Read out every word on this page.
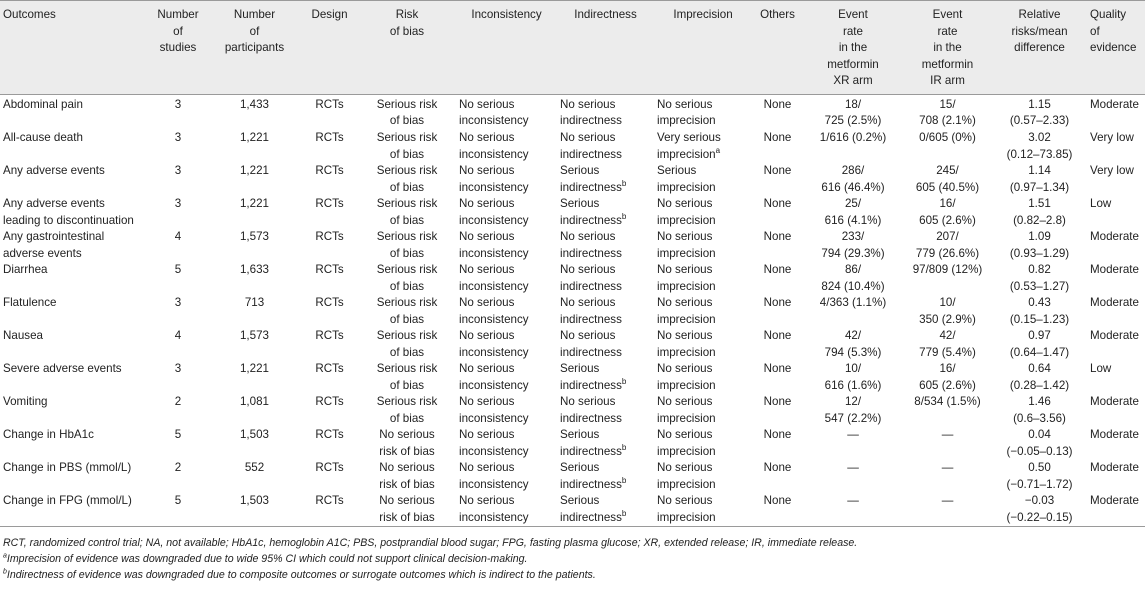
Outcomes	Number
of
studies	Number
of
participants	Design	Risk
of bias	Inconsistency	Indirectness	Imprecision	Others	Event
rate
in the
metformin
XR arm	Event
rate
in the
metformin
IR arm	Relative
risks/mean
difference	Quality
of
evidence
Abdominal pain	3	1,433	RCTs	Serious risk
of bias	No serious
inconsistency	No serious
indirectness	No serious
imprecision	None	18/
725 (2.5%)	15/
708 (2.1%)	1.15
(0.57–2.33)	Moderate
All-cause death	3	1,221	RCTs	Serious risk
of bias	No serious
inconsistency	No serious
indirectness	Very serious
imprecision$^a$	None	1/616 (0.2%)	0/605 (0%)	3.02
(0.12–73.85)	Very low
Any adverse events	3	1,221	RCTs	Serious risk
of bias	No serious
inconsistency	Serious
indirectness$^b$	Serious
imprecision	None	286/
616 (46.4%)	245/
605 (40.5%)	1.14
(0.97–1.34)	Very low
Any adverse events
leading to discontinuation	3	1,221	RCTs	Serious risk
of bias	No serious
inconsistency	Serious
indirectness$^b$	No serious
imprecision	None	25/
616 (4.1%)	16/
605 (2.6%)	1.51
(0.82–2.8)	Low
Any gastrointestinal
adverse events	4	1,573	RCTs	Serious risk
of bias	No serious
inconsistency	No serious
indirectness	No serious
imprecision	None	233/
794 (29.3%)	207/
779 (26.6%)	1.09
(0.93–1.29)	Moderate
Diarrhea	5	1,633	RCTs	Serious risk
of bias	No serious
inconsistency	No serious
indirectness	No serious
imprecision	None	86/
824 (10.4%)	97/809 (12%)	0.82
(0.53–1.27)	Moderate
Flatulence	3	713	RCTs	Serious risk
of bias	No serious
inconsistency	No serious
indirectness	No serious
imprecision	None	4/363 (1.1%)	10/
350 (2.9%)	0.43
(0.15–1.23)	Moderate
Nausea	4	1,573	RCTs	Serious risk
of bias	No serious
inconsistency	No serious
indirectness	No serious
imprecision	None	42/
794 (5.3%)	42/
779 (5.4%)	0.97
(0.64–1.47)	Moderate
Severe adverse events	3	1,221	RCTs	Serious risk
of bias	No serious
inconsistency	Serious
indirectness$^b$	No serious
imprecision	None	10/
616 (1.6%)	16/
605 (2.6%)	0.64
(0.28–1.42)	Low
Vomiting	2	1,081	RCTs	Serious risk
of bias	No serious
inconsistency	No serious
indirectness	No serious
imprecision	None	12/
547 (2.2%)	8/534 (1.5%)	1.46
(0.6–3.56)	Moderate
Change in HbA1c	5	1,503	RCTs	No serious
risk of bias	No serious
inconsistency	Serious
indirectness$^b$	No serious
imprecision	None	—	—	0.04
(−0.05–0.13)	Moderate
Change in PBS (mmol/L)	2	552	RCTs	No serious
risk of bias	No serious
inconsistency	Serious
indirectness$^b$	No serious
imprecision	None	—	—	0.50
(−0.71–1.72)	Moderate
Change in FPG (mmol/L)	5	1,503	RCTs	No serious
risk of bias	No serious
inconsistency	Serious
indirectness$^b$	No serious
imprecision	None	—	—	−0.03
(−0.22–0.15)	Moderate
RCT, randomized control trial; NA, not available; HbA1c, hemoglobin A1C; PBS, postprandial blood sugar; FPG, fasting plasma glucose; XR, extended release; IR, immediate release.
$^a$Imprecision of evidence was downgraded due to wide 95% CI which could not support clinical decision-making.
$^b$Indirectness of evidence was downgraded due to composite outcomes or surrogate outcomes which is indirect to the patients.
